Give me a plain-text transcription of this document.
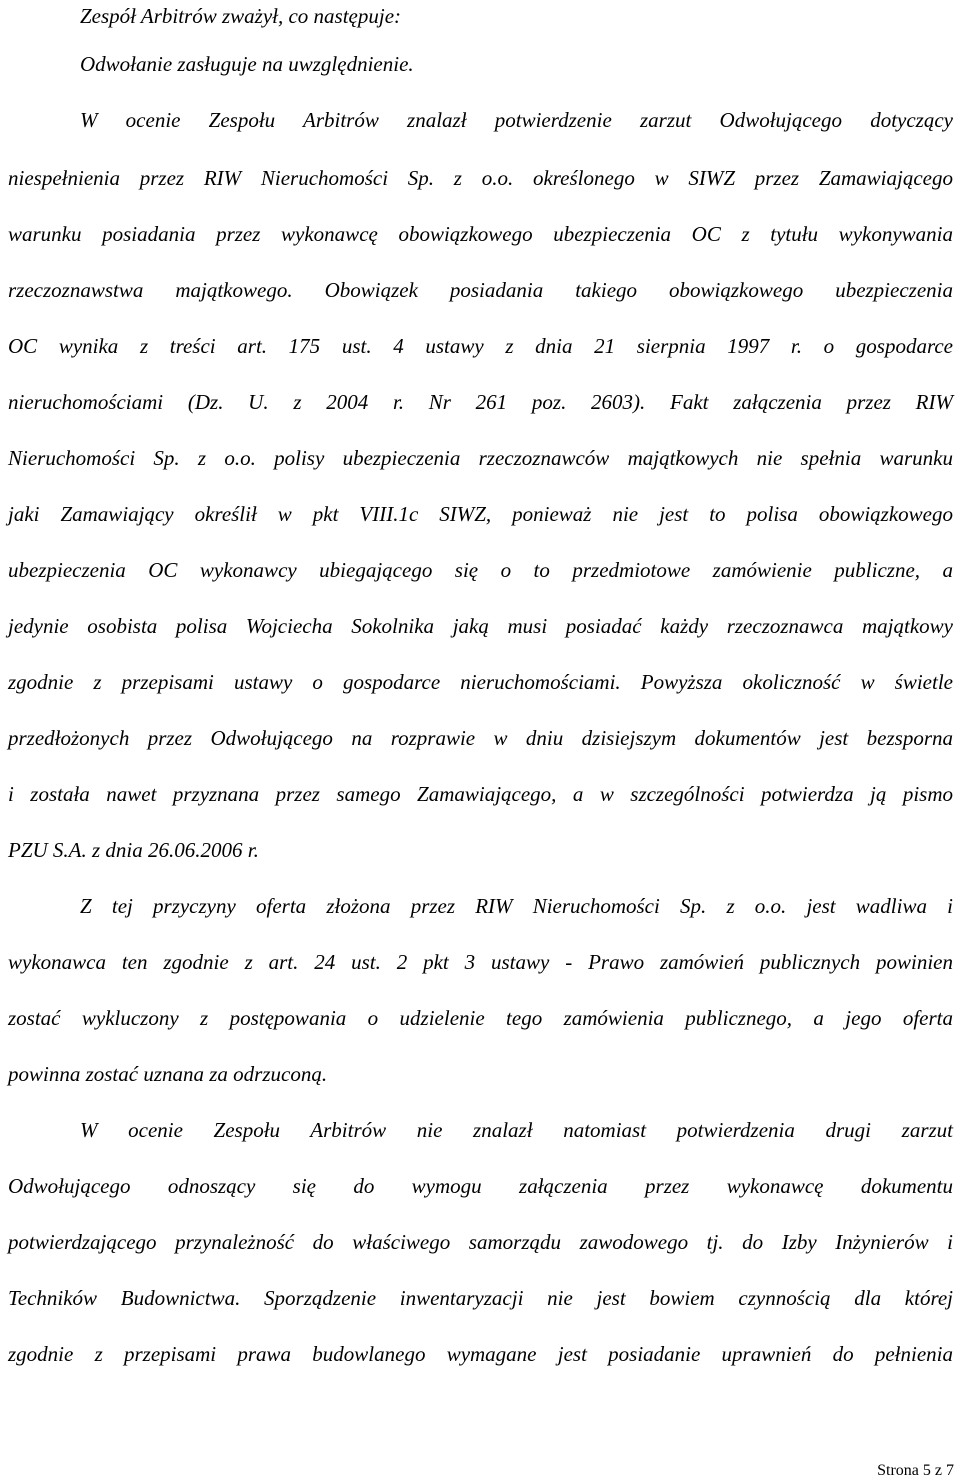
Zespół Arbitrów zważył, co następuje:
Odwołanie zasługuje na uwzględnienie.
W ocenie Zespołu Arbitrów znalazł potwierdzenie zarzut Odwołującego dotyczący
niespełnienia przez RIW Nieruchomości Sp. z o.o. określonego w SIWZ przez Zamawiającego
warunku posiadania przez wykonawcę obowiązkowego ubezpieczenia OC z tytułu wykonywania
rzeczoznawstwa majątkowego. Obowiązek posiadania takiego obowiązkowego ubezpieczenia
OC wynika z treści art. 175 ust. 4 ustawy z dnia 21 sierpnia 1997 r. o gospodarce
nieruchomościami (Dz. U. z 2004 r. Nr 261 poz. 2603). Fakt załączenia przez RIW
Nieruchomości Sp. z o.o. polisy ubezpieczenia rzeczoznawców majątkowych nie spełnia warunku
jaki Zamawiający określił w pkt VIII.1c SIWZ, ponieważ nie jest to polisa obowiązkowego
ubezpieczenia OC wykonawcy ubiegającego się o to przedmiotowe zamówienie publiczne, a
jedynie osobista polisa Wojciecha Sokolnika jaką musi posiadać każdy rzeczoznawca majątkowy
zgodnie z przepisami ustawy o gospodarce nieruchomościami. Powyższa okoliczność w świetle
przedłożonych przez Odwołującego na rozprawie w dniu dzisiejszym dokumentów jest bezsporna
i została nawet przyznana przez samego Zamawiającego, a w szczególności potwierdza ją pismo
PZU S.A. z dnia 26.06.2006 r.
Z tej przyczyny oferta złożona przez RIW Nieruchomości Sp. z o.o. jest wadliwa i
wykonawca ten zgodnie z art. 24 ust. 2 pkt 3 ustawy - Prawo zamówień publicznych powinien
zostać wykluczony z postępowania o udzielenie tego zamówienia publicznego, a jego oferta
powinna zostać uznana za odrzuconą.
W ocenie Zespołu Arbitrów nie znalazł natomiast potwierdzenia drugi zarzut
Odwołującego odnoszący się do wymogu załączenia przez wykonawcę dokumentu
potwierdzającego przynależność do właściwego samorządu zawodowego tj. do Izby Inżynierów i
Techników Budownictwa. Sporządzenie inwentaryzacji nie jest bowiem czynnością dla której
zgodnie z przepisami prawa budowlanego wymagane jest posiadanie uprawnień do pełnienia
Strona 5 z 7
